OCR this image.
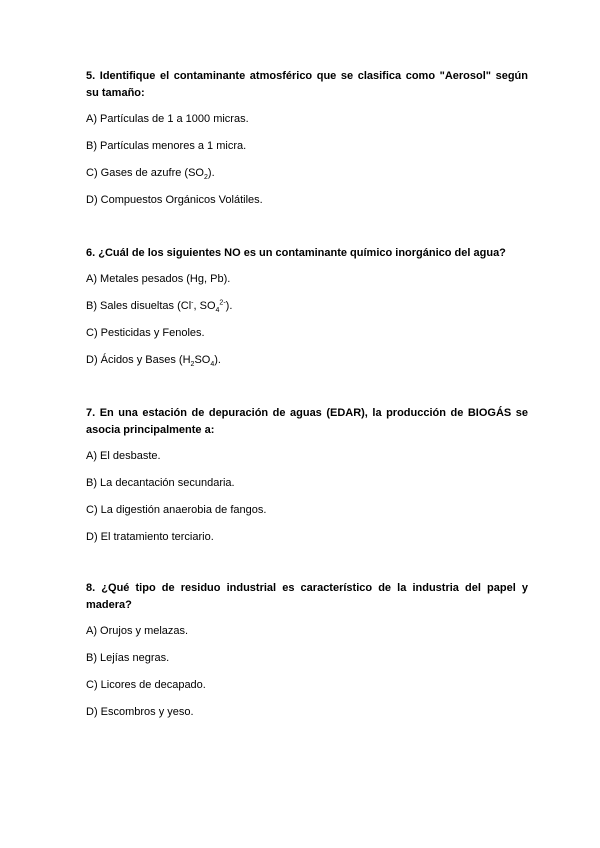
5. Identifique el contaminante atmosférico que se clasifica como "Aerosol" según su tamaño:

A) Partículas de 1 a 1000 micras.

B) Partículas menores a 1 micra.

C) Gases de azufre $(SO_2)$.

D) Compuestos Orgánicos Volátiles.

6. ¿Cuál de los siguientes NO es un contaminante químico inorgánico del agua?

A) Metales pesados (Hg, Pb).

B) Sales disueltas (Cl-, $SO_4^{2-}$).

C) Pesticidas y Fenoles.

D) Ácidos y Bases $(H_2SO_4)$.

7. En una estación de depuración de aguas (EDAR), la producción de BIOGÁS se asocia principalmente a:

A) El desbaste.

B) La decantación secundaria.

C) La digestión anaerobia de fangos.

D) El tratamiento terciario.

8. ¿Qué tipo de residuo industrial es característico de la industria del papel y madera?

A) Orujos y melazas.

B) Lejías negras.

C) Licores de decapado.

D) Escombros y yeso.
